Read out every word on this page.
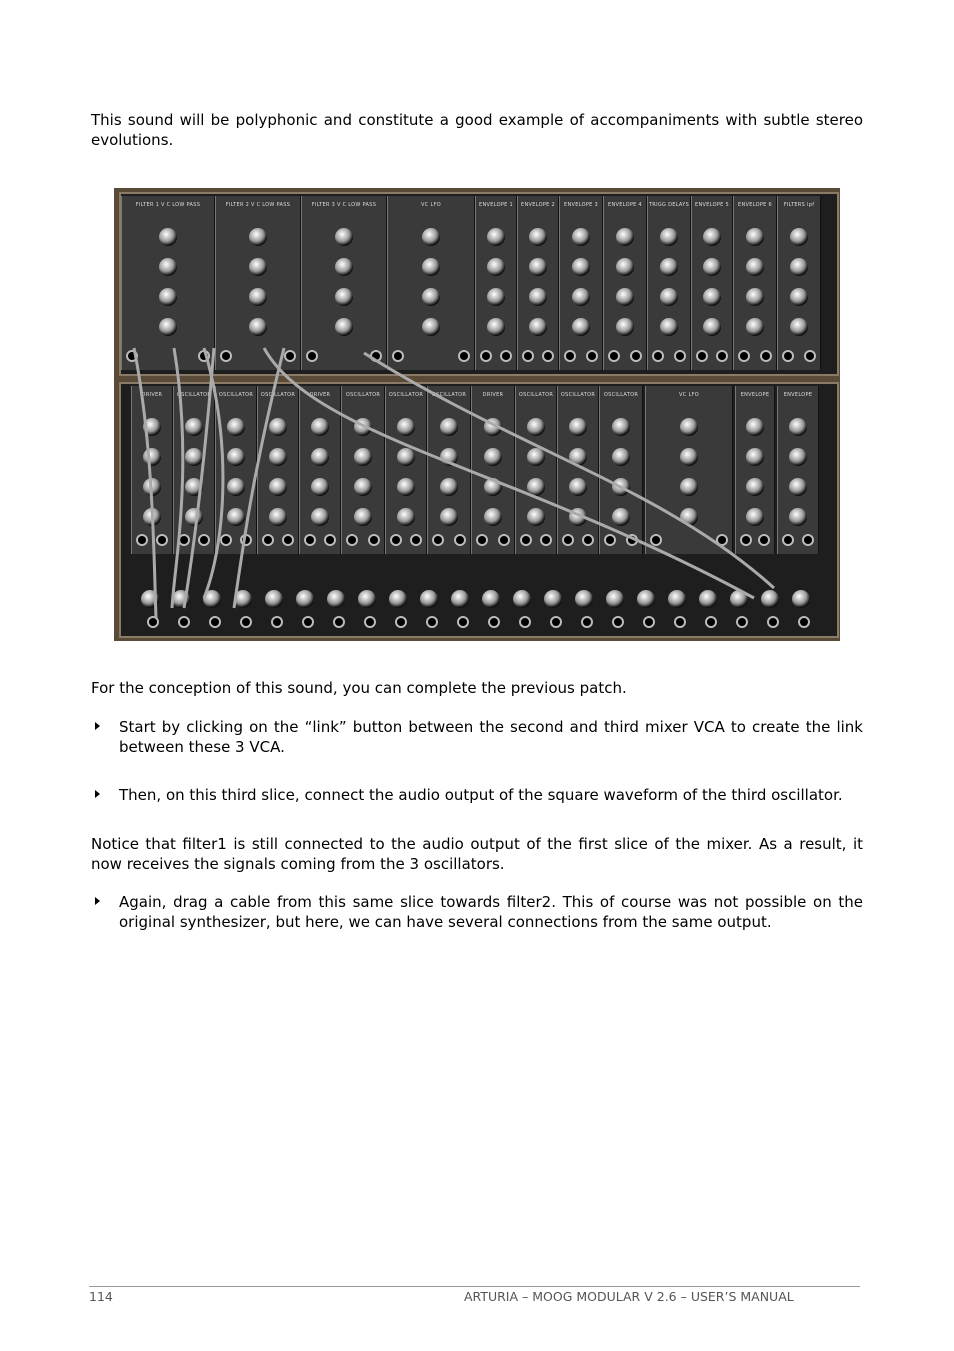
This sound will be polyphonic and constitute a good example of accompaniments with subtle stereo evolutions.

FILTER 1 V C LOW PASS	FILTER 2 V C LOW PASS	FILTER 3 V C LOW PASS	VC LFO	ENVELOPE 1	ENVELOPE 2	ENVELOPE 3	ENVELOPE 4	TRIGG DELAYS	ENVELOPE 5	ENVELOPE 6	FILTERS lpf
DRIVER	OSCILLATOR	OSCILLATOR	OSCILLATOR	DRIVER	OSCILLATOR	OSCILLATOR	OSCILLATOR	DRIVER	OSCILLATOR	OSCILLATOR	OSCILLATOR	VC LFO	ENVELOPE	ENVELOPE

For the conception of this sound, you can complete the previous patch.

Start by clicking on the “link” button between the second and third mixer VCA to create the link between these 3 VCA.
Then, on this third slice, connect the audio output of the square waveform of the third oscillator.

Notice that filter1 is still connected to the audio output of the first slice of the mixer. As a result, it now receives the signals coming from the 3 oscillators.

Again, drag a cable from this same slice towards filter2. This of course was not possible on the original synthesizer, but here, we can have several connections from the same output.
114	ARTURIA – MOOG MODULAR V 2.6 – USER’S MANUAL
